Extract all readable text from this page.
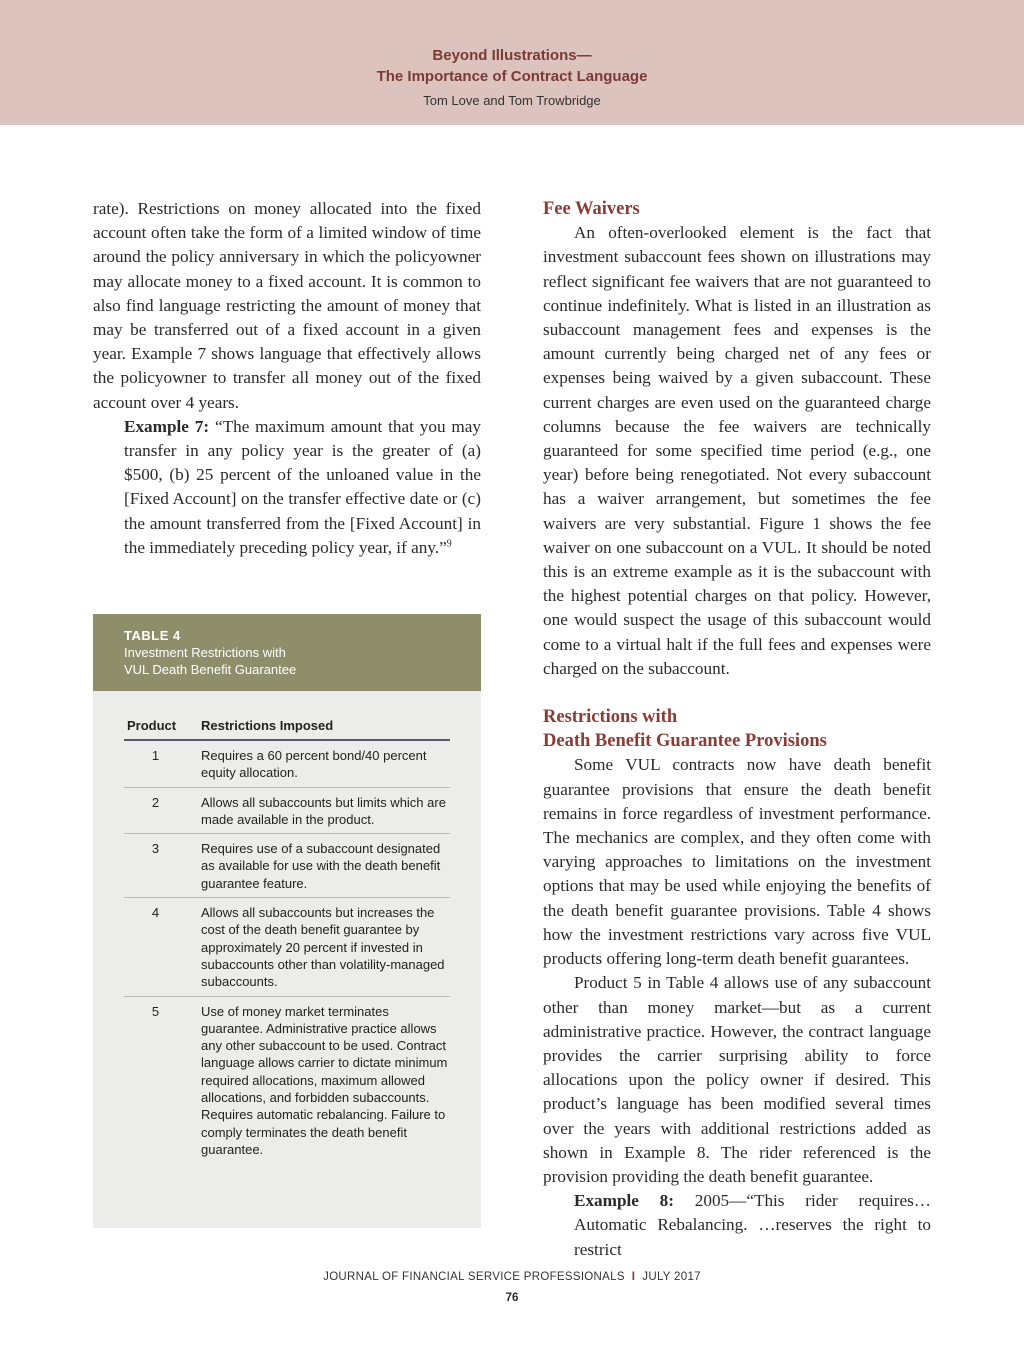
Beyond Illustrations—
The Importance of Contract Language
Tom Love and Tom Trowbridge

rate). Restrictions on money allocated into the fixed account often take the form of a limited window of time around the policy anniversary in which the policyowner may allocate money to a fixed account. It is common to also find language restricting the amount of money that may be transferred out of a fixed account in a given year. Example 7 shows language that effectively allows the policyowner to transfer all money out of the fixed account over 4 years.

Example 7: “The maximum amount that you may transfer in any policy year is the greater of (a) $500, (b) 25 percent of the unloaned value in the [Fixed Account] on the transfer effective date or (c) the amount transferred from the [Fixed Account] in the immediately preceding policy year, if any.”$^9$

TABLE 4
Investment Restrictions with
VUL Death Benefit Guarantee
Product	Restrictions Imposed
1	Requires a 60 percent bond/40 percent equity allocation.
2	Allows all subaccounts but limits which are made available in the product.
3	Requires use of a subaccount designated as available for use with the death benefit guarantee feature.
4	Allows all subaccounts but increases the cost of the death benefit guarantee by approximately 20 percent if invested in subaccounts other than volatility-managed subaccounts.
5	Use of money market terminates guarantee. Administrative practice allows any other subaccount to be used. Contract language allows carrier to dictate minimum required allocations, maximum allowed allocations, and forbidden subaccounts. Requires automatic rebalancing. Failure to comply terminates the death benefit guarantee.
Fee Waivers

An often-overlooked element is the fact that investment subaccount fees shown on illustrations may reflect significant fee waivers that are not guaranteed to continue indefinitely. What is listed in an illustration as subaccount management fees and expenses is the amount currently being charged net of any fees or expenses being waived by a given subaccount. These current charges are even used on the guaranteed charge columns because the fee waivers are technically guaranteed for some specified time period (e.g., one year) before being renegotiated. Not every subaccount has a waiver arrangement, but sometimes the fee waivers are very substantial. Figure 1 shows the fee waiver on one subaccount on a VUL. It should be noted this is an extreme example as it is the subaccount with the highest potential charges on that policy. However, one would suspect the usage of this subaccount would come to a virtual halt if the full fees and expenses were charged on the subaccount.

Restrictions with
Death Benefit Guarantee Provisions

Some VUL contracts now have death benefit guarantee provisions that ensure the death benefit remains in force regardless of investment performance. The mechanics are complex, and they often come with varying approaches to limitations on the investment options that may be used while enjoying the benefits of the death benefit guarantee provisions. Table 4 shows how the investment restrictions vary across five VUL products offering long-term death benefit guarantees.

Product 5 in Table 4 allows use of any subaccount other than money market—but as a current administrative practice. However, the contract language provides the carrier surprising ability to force allocations upon the policy owner if desired. This product’s language has been modified several times over the years with additional restrictions added as shown in Example 8. The rider referenced is the provision providing the death benefit guarantee.

Example 8: 2005—“This rider requires…Automatic Rebalancing. …reserves the right to restrict

JOURNAL OF FINANCIAL SERVICE PROFESSIONALS I JULY 2017
76
